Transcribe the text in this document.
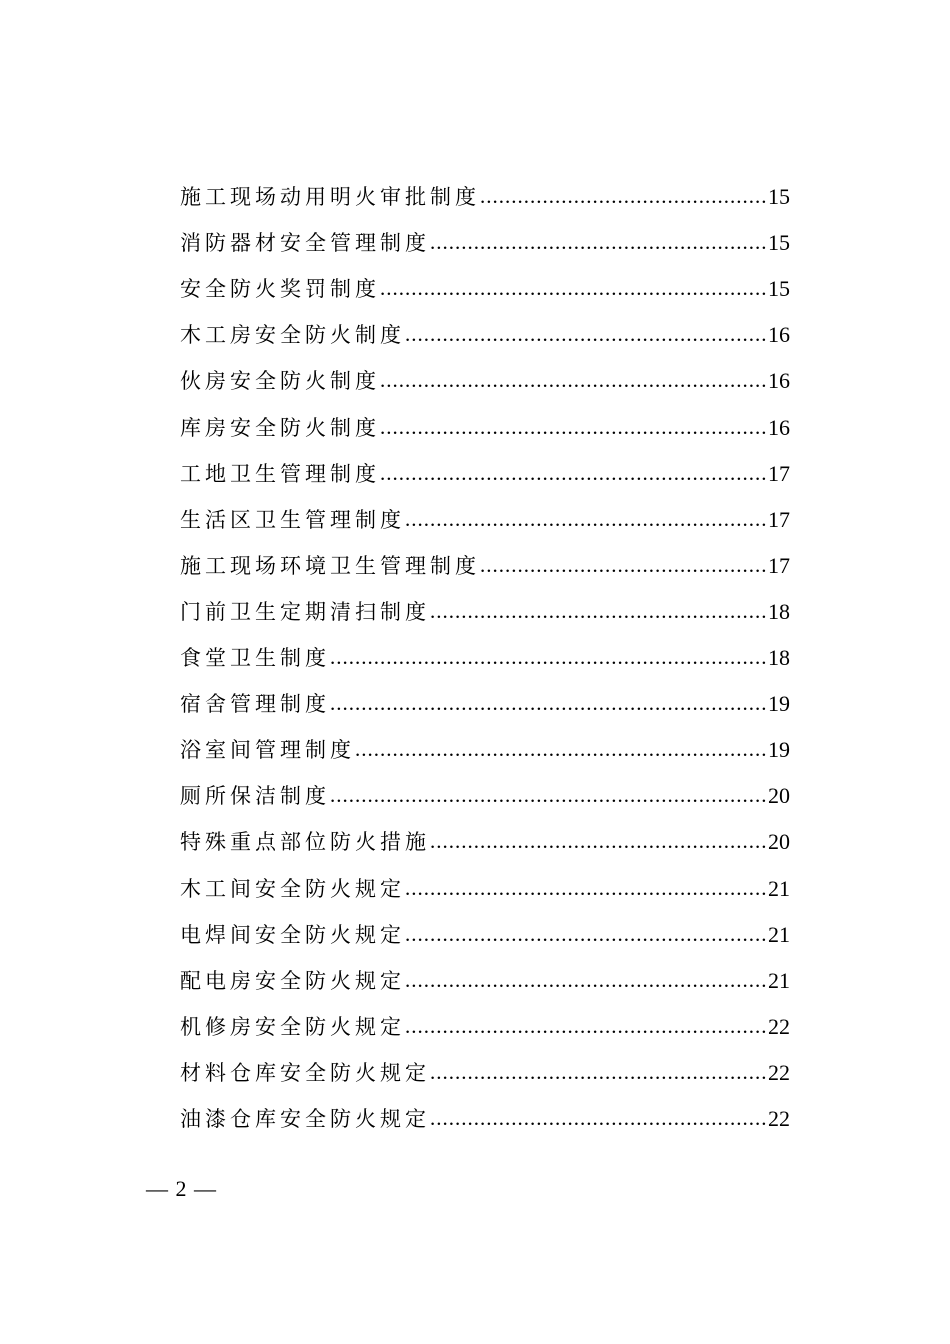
施工现场动用明火审批制度 .....	15
消防器材安全管理制度 .....	15
安全防火奖罚制度 .....	15
木工房安全防火制度 .....	16
伙房安全防火制度 .....	16
库房安全防火制度 .....	16
工地卫生管理制度 .....	17
生活区卫生管理制度 .....	17
施工现场环境卫生管理制度 .....	17
门前卫生定期清扫制度 .....	18
食堂卫生制度 .....	18
宿舍管理制度 .....	19
浴室间管理制度 .....	19
厕所保洁制度 .....	20
特殊重点部位防火措施 .....	20
木工间安全防火规定 .....	21
电焊间安全防火规定 .....	21
配电房安全防火规定 .....	21
机修房安全防火规定 .....	22
材料仓库安全防火规定 .....	22
油漆仓库安全防火规定 .....	22
— 2 —
